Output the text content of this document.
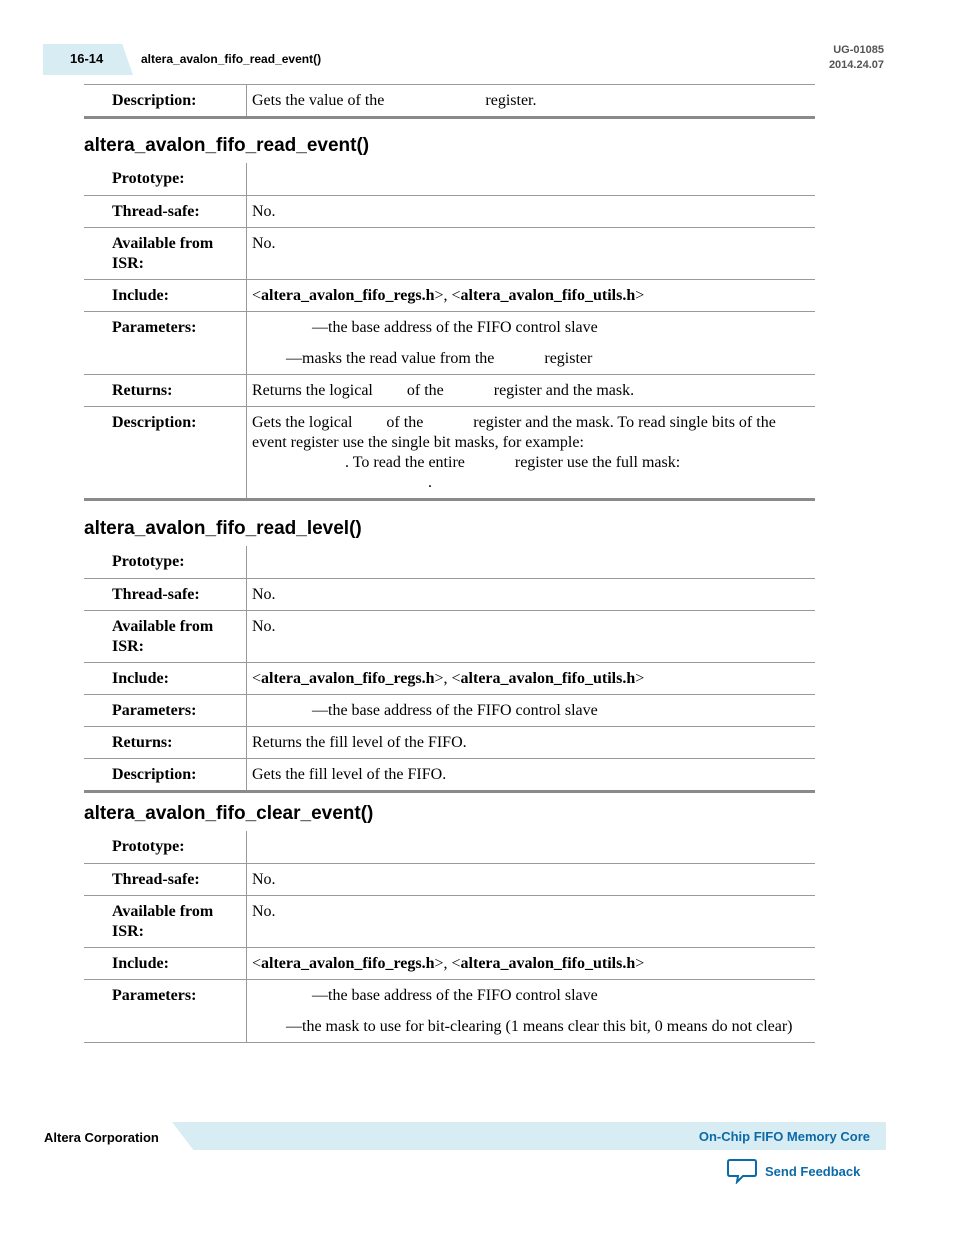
16-14	altera_avalon_fifo_read_event()
UG-01085
2014.24.07
Description:	Gets the value of the	register.
altera_avalon_fifo_read_event()
Prototype:	
Thread-safe:	No.
Available from ISR:	No.
Include:	<altera_avalon_fifo_regs.h>, <altera_avalon_fifo_utils.h>
Parameters:	—the base address of the FIFO control slave
—masks the read value from the register

Returns:	Returns the logical of the register and the mask.
Description:	Gets the logical of the register and the mask. To read single bits of the event register use the single bit masks, for example:
. To read the entire register use the full mask:
.
altera_avalon_fifo_read_level()
Prototype:	
Thread-safe:	No.
Available from ISR:	No.
Include:	<altera_avalon_fifo_regs.h>, <altera_avalon_fifo_utils.h>
Parameters:	—the base address of the FIFO control slave
Returns:	Returns the fill level of the FIFO.
Description:	Gets the fill level of the FIFO.
altera_avalon_fifo_clear_event()
Prototype:	
Thread-safe:	No.
Available from ISR:	No.
Include:	<altera_avalon_fifo_regs.h>, <altera_avalon_fifo_utils.h>
Parameters:	—the base address of the FIFO control slave
—the mask to use for bit-clearing (1 means clear this bit, 0 means do not clear)
Altera Corporation	On-Chip FIFO Memory Core
Send Feedback
